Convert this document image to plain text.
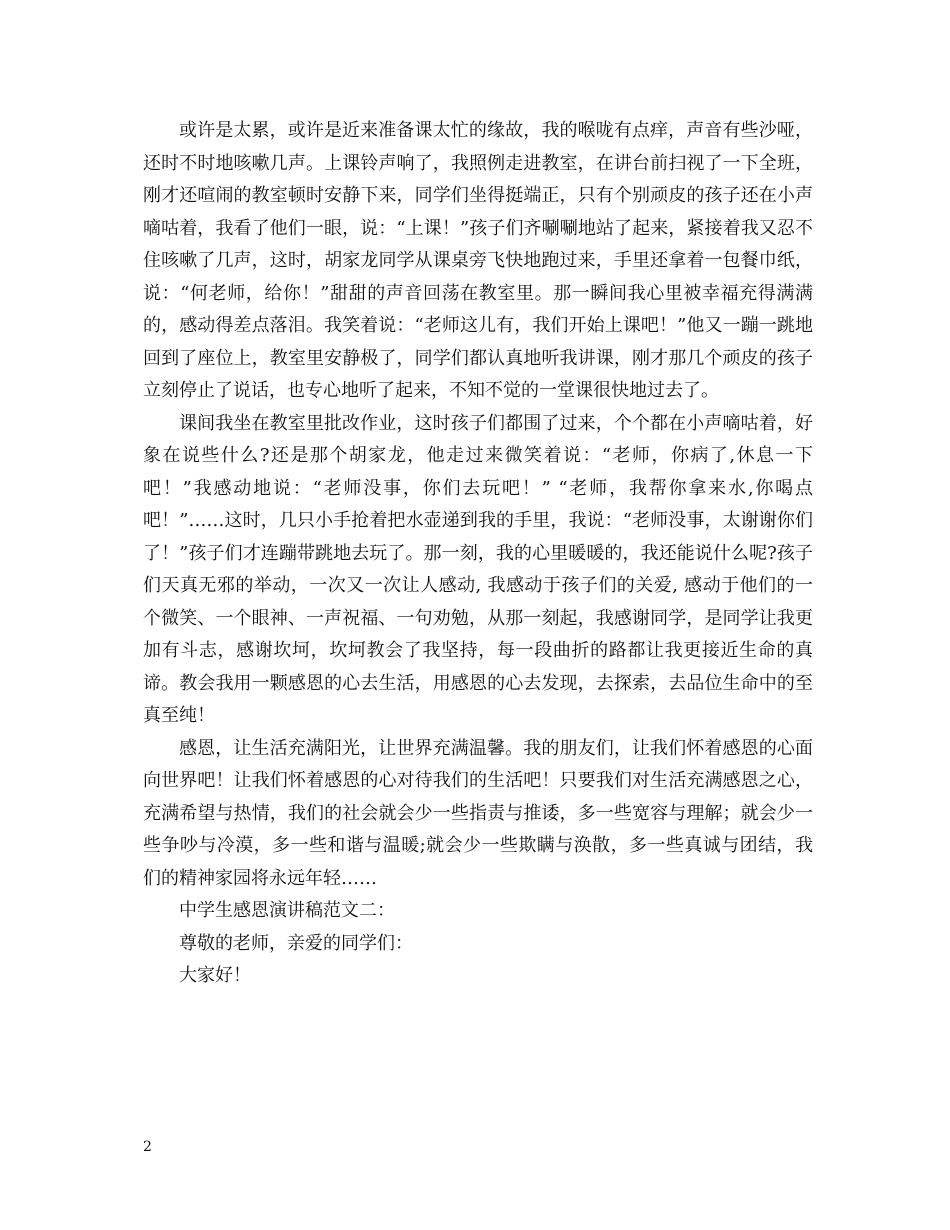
或许是太累，或许是近来准备课太忙的缘故，我的喉咙有点痒，声音有些沙哑，还时不时地咳嗽几声。上课铃声响了，我照例走进教室，在讲台前扫视了一下全班，刚才还喧闹的教室顿时安静下来，同学们坐得挺端正，只有个别顽皮的孩子还在小声嘀咕着，我看了他们一眼，说：“上课！”孩子们齐唰唰地站了起来，紧接着我又忍不住咳嗽了几声，这时，胡家龙同学从课桌旁飞快地跑过来，手里还拿着一包餐巾纸，说：“何老师，给你！”甜甜的声音回荡在教室里。那一瞬间我心里被幸福充得满满的，感动得差点落泪。我笑着说：“老师这儿有，我们开始上课吧！”他又一蹦一跳地回到了座位上，教室里安静极了，同学们都认真地听我讲课，刚才那几个顽皮的孩子立刻停止了说话，也专心地听了起来，不知不觉的一堂课很快地过去了。

课间我坐在教室里批改作业，这时孩子们都围了过来，个个都在小声嘀咕着，好象在说些什么?还是那个胡家龙，他走过来微笑着说：“老师，你病了,休息一下吧！”我感动地说：“老师没事，你们去玩吧！” “老师，我帮你拿来水,你喝点吧！”……这时，几只小手抢着把水壶递到我的手里，我说：“老师没事，太谢谢你们了！”孩子们才连蹦带跳地去玩了。那一刻，我的心里暖暖的，我还能说什么呢?孩子们天真无邪的举动，一次又一次让人感动, 我感动于孩子们的关爱, 感动于他们的一个微笑、一个眼神、一声祝福、一句劝勉，从那一刻起，我感谢同学，是同学让我更加有斗志，感谢坎坷，坎坷教会了我坚持，每一段曲折的路都让我更接近生命的真谛。教会我用一颗感恩的心去生活，用感恩的心去发现，去探索，去品位生命中的至真至纯！

感恩，让生活充满阳光，让世界充满温馨。我的朋友们，让我们怀着感恩的心面向世界吧！让我们怀着感恩的心对待我们的生活吧！只要我们对生活充满感恩之心，充满希望与热情，我们的社会就会少一些指责与推诿，多一些宽容与理解；就会少一些争吵与冷漠，多一些和谐与温暖;就会少一些欺瞒与涣散，多一些真诚与团结，我们的精神家园将永远年轻……

中学生感恩演讲稿范文二：

尊敬的老师，亲爱的同学们：

大家好！

2
